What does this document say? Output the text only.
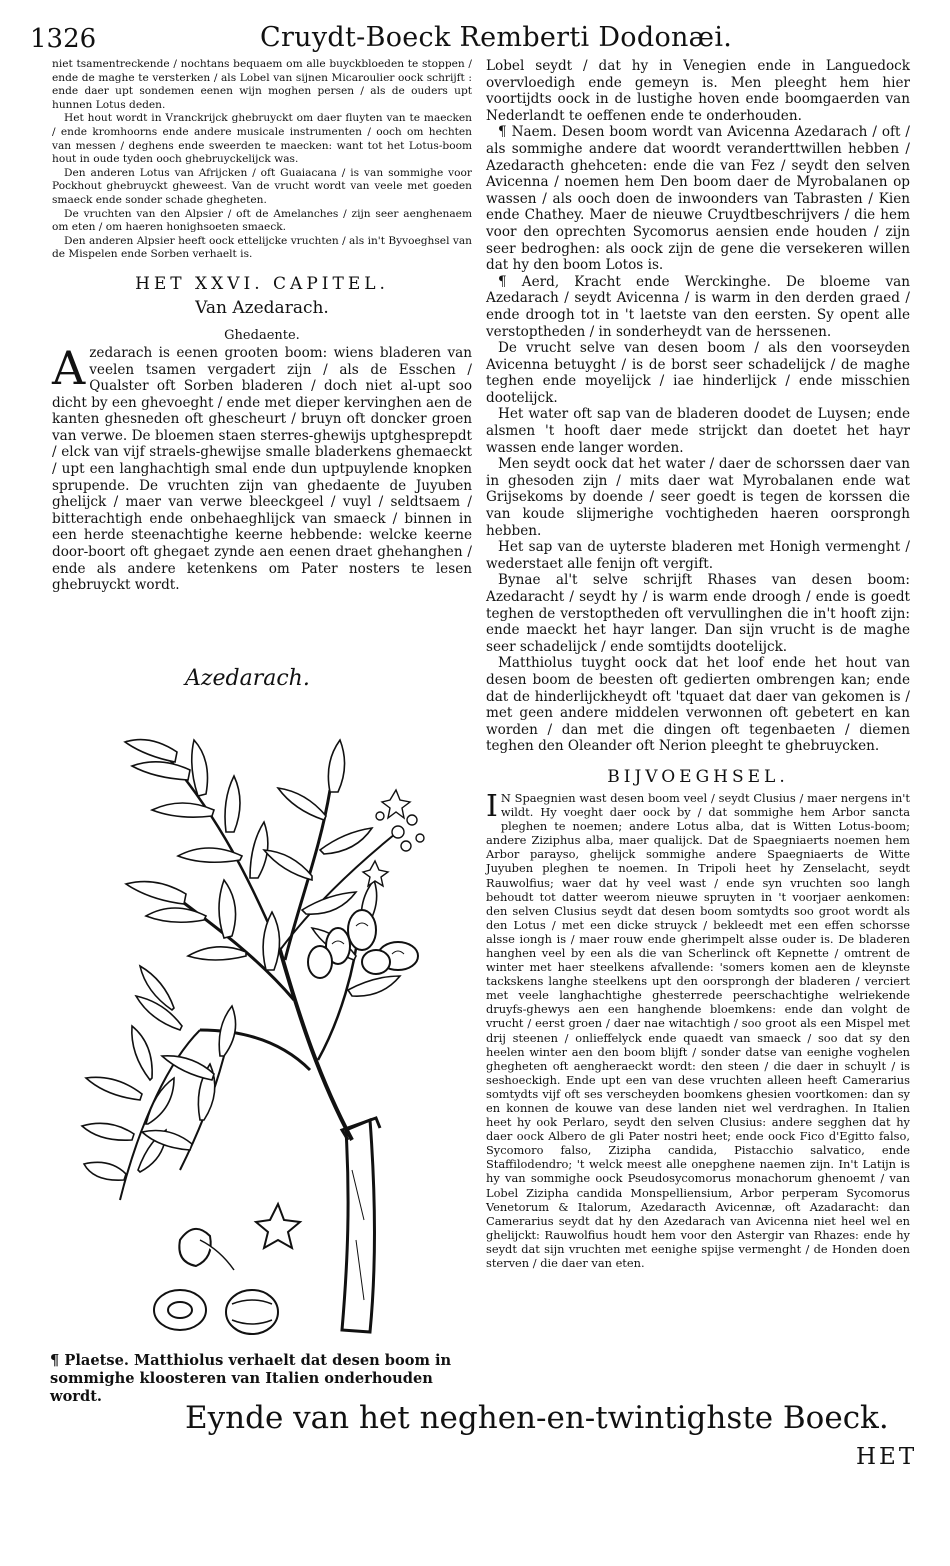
1326	Cruydt-Boeck Remberti Dodonæi.

niet tsamentreckende / nochtans bequaem om alle buyckbloeden te stoppen / ende de maghe te versterken / als Lobel van sijnen Micaroulier oock schrijft : ende daer upt sondemen eenen wijn moghen persen / als de ouders upt hunnen Lotus deden.

Het hout wordt in Vranckrijck ghebruyckt om daer fluyten van te maecken / ende kromhoorns ende andere musicale instrumenten / ooch om hechten van messen / deghens ende sweerden te maecken: want tot het Lotus-boom hout in oude tyden ooch ghebruyckelijck was.

Den anderen Lotus van Afrijcken / oft Guaiacana / is van sommighe voor Pockhout ghebruyckt gheweest. Van de vrucht wordt van veele met goeden smaeck ende sonder schade ghegheten.

De vruchten van den Alpsier / oft de Amelanches / zijn seer aenghenaem om eten / om haeren honighsoeten smaeck.

Den anderen Alpsier heeft oock ettelijcke vruchten / als in't Byvoeghsel van de Mispelen ende Sorben verhaelt is.

HET XXVI. CAPITEL.
Van Azedarach.
Ghedaente.
A zedarach is eenen grooten boom: wiens bladeren van veelen tsamen vergadert zijn / als de Esschen / Qualster oft Sorben bladeren / doch niet al-upt soo dicht by een ghevoeght / ende met dieper kervinghen aen de kanten ghesneden oft ghescheurt / bruyn oft doncker groen van verwe. De bloemen staen sterres-ghewijs uptghesprepdt / elck van vijf straels-ghewijse smalle bladerkens ghemaeckt / upt een langhachtigh smal ende dun uptpuylende knopken sprupende. De vruchten zijn van ghedaente de Juyuben ghelijck / maer van verwe bleeckgeel / vuyl / seldtsaem / bitterachtigh ende onbehaeghlijck van smaeck / binnen in een herde steenachtighe keerne hebbende: welcke keerne door-boort oft ghegaet zynde aen eenen draet ghehanghen / ende als andere ketenkens om Pater nosters te lesen ghebruyckt wordt.

Azedarach.
¶ Plaetse. Matthiolus verhaelt dat desen boom in sommighe kloosteren van Italien onderhouden wordt.

Lobel seydt / dat hy in Venegien ende in Languedock overvloedigh ende gemeyn is. Men pleeght hem hier voortijdts oock in de lustighe hoven ende boomgaerden van Nederlandt te oeffenen ende te onderhouden.

¶ Naem. Desen boom wordt van Avicenna Azedarach / oft / als sommighe andere dat woordt veranderttwillen hebben / Azedaracth ghehceten: ende die van Fez / seydt den selven Avicenna / noemen hem Den boom daer de Myrobalanen op wassen / als ooch doen de inwoonders van Tabrasten / Kien ende Chathey. Maer de nieuwe Cruydtbeschrijvers / die hem voor den oprechten Sycomorus aensien ende houden / zijn seer bedroghen: als oock zijn de gene die versekeren willen dat hy den boom Lotos is.

¶ Aerd, Kracht ende Werckinghe. De bloeme van Azedarach / seydt Avicenna / is warm in den derden graed / ende droogh tot in 't laetste van den eersten. Sy opent alle verstoptheden / in sonderheydt van de herssenen.

De vrucht selve van desen boom / als den voorseyden Avicenna betuyght / is de borst seer schadelijck / de maghe teghen ende moyelijck / iae hinderlijck / ende misschien dootelijck.

Het water oft sap van de bladeren doodet de Luysen; ende alsmen 't hooft daer mede strijckt dan doetet het hayr wassen ende langer worden.

Men seydt oock dat het water / daer de schorssen daer van in ghesoden zijn / mits daer wat Myrobalanen ende wat Grijsekoms by doende / seer goedt is tegen de korssen die van koude slijmerighe vochtigheden haeren oorsprongh hebben.

Het sap van de uyterste bladeren met Honigh vermenght / wederstaet alle fenijn oft vergift.

Bynae al't selve schrijft Rhases van desen boom: Azedaracht / seydt hy / is warm ende droogh / ende is goedt teghen de verstoptheden oft vervullinghen die in't hooft zijn: ende maeckt het hayr langer. Dan sijn vrucht is de maghe seer schadelijck / ende somtijdts dootelijck.

Matthiolus tuyght oock dat het loof ende het hout van desen boom de beesten oft gedierten ombrengen kan; ende dat de hinderlijckheydt oft 'tquaet dat daer van gekomen is / met geen andere middelen verwonnen oft gebetert en kan worden / dan met die dingen oft tegenbaeten / diemen teghen den Oleander oft Nerion pleeght te ghebruycken.

BIJVOEGHSEL.
I N Spaegnien wast desen boom veel / seydt Clusius / maer nergens in't wildt. Hy voeght daer oock by / dat sommighe hem Arbor sancta pleghen te noemen; andere Lotus alba, dat is Witten Lotus-boom; andere Ziziphus alba, maer qualijck. Dat de Spaegniaerts noemen hem Arbor parayso, ghelijck sommighe andere Spaegniaerts de Witte Juyuben pleghen te noemen. In Tripoli heet hy Zenselacht, seydt Rauwolfius; waer dat hy veel wast / ende syn vruchten soo langh behoudt tot datter weerom nieuwe spruyten in 't voorjaer aenkomen: den selven Clusius seydt dat desen boom somtydts soo groot wordt als den Lotus / met een dicke struyck / bekleedt met een effen schorsse alsse iongh is / maer rouw ende gherimpelt alsse ouder is. De bladeren hanghen veel by een als die van Scherlinck oft Kepnette / omtrent de winter met haer steelkens afvallende: 'somers komen aen de kleynste tackskens langhe steelkens upt den oorsprongh der bladeren / verciert met veele langhachtighe ghesterrede peerschachtighe welriekende druyfs-ghewys aen een hanghende bloemkens: ende dan volght de vrucht / eerst groen / daer nae witachtigh / soo groot als een Mispel met drij steenen / onlieffelyck ende quaedt van smaeck / soo dat sy den heelen winter aen den boom blijft / sonder datse van eenighe voghelen ghegheten oft aengheraeckt wordt: den steen / die daer in schuylt / is seshoeckigh. Ende upt een van dese vruchten alleen heeft Camerarius somtydts vijf oft ses verscheyden boomkens ghesien voortkomen: dan sy en konnen de kouwe van dese landen niet wel verdraghen. In Italien heet hy ook Perlaro, seydt den selven Clusius: andere segghen dat hy daer oock Albero de gli Pater nostri heet; ende oock Fico d'Egitto falso, Sycomoro falso, Zizipha candida, Pistacchio salvatico, ende Staffilodendro; 't welck meest alle onepghene naemen zijn. In't Latijn is hy van sommighe oock Pseudosycomorus monachorum ghenoemt / van Lobel Zizipha candida Monspelliensium, Arbor perperam Sycomorus Venetorum & Italorum, Azedaracth Avicennæ, oft Azadaracht: dan Camerarius seydt dat hy den Azedarach van Avicenna niet heel wel en ghelijckt: Rauwolfius houdt hem voor den Astergir van Rhazes: ende hy seydt dat sijn vruchten met eenighe spijse vermenght / de Honden doen sterven / die daer van eten.

Eynde van het neghen-en-twintighste Boeck.
HET
